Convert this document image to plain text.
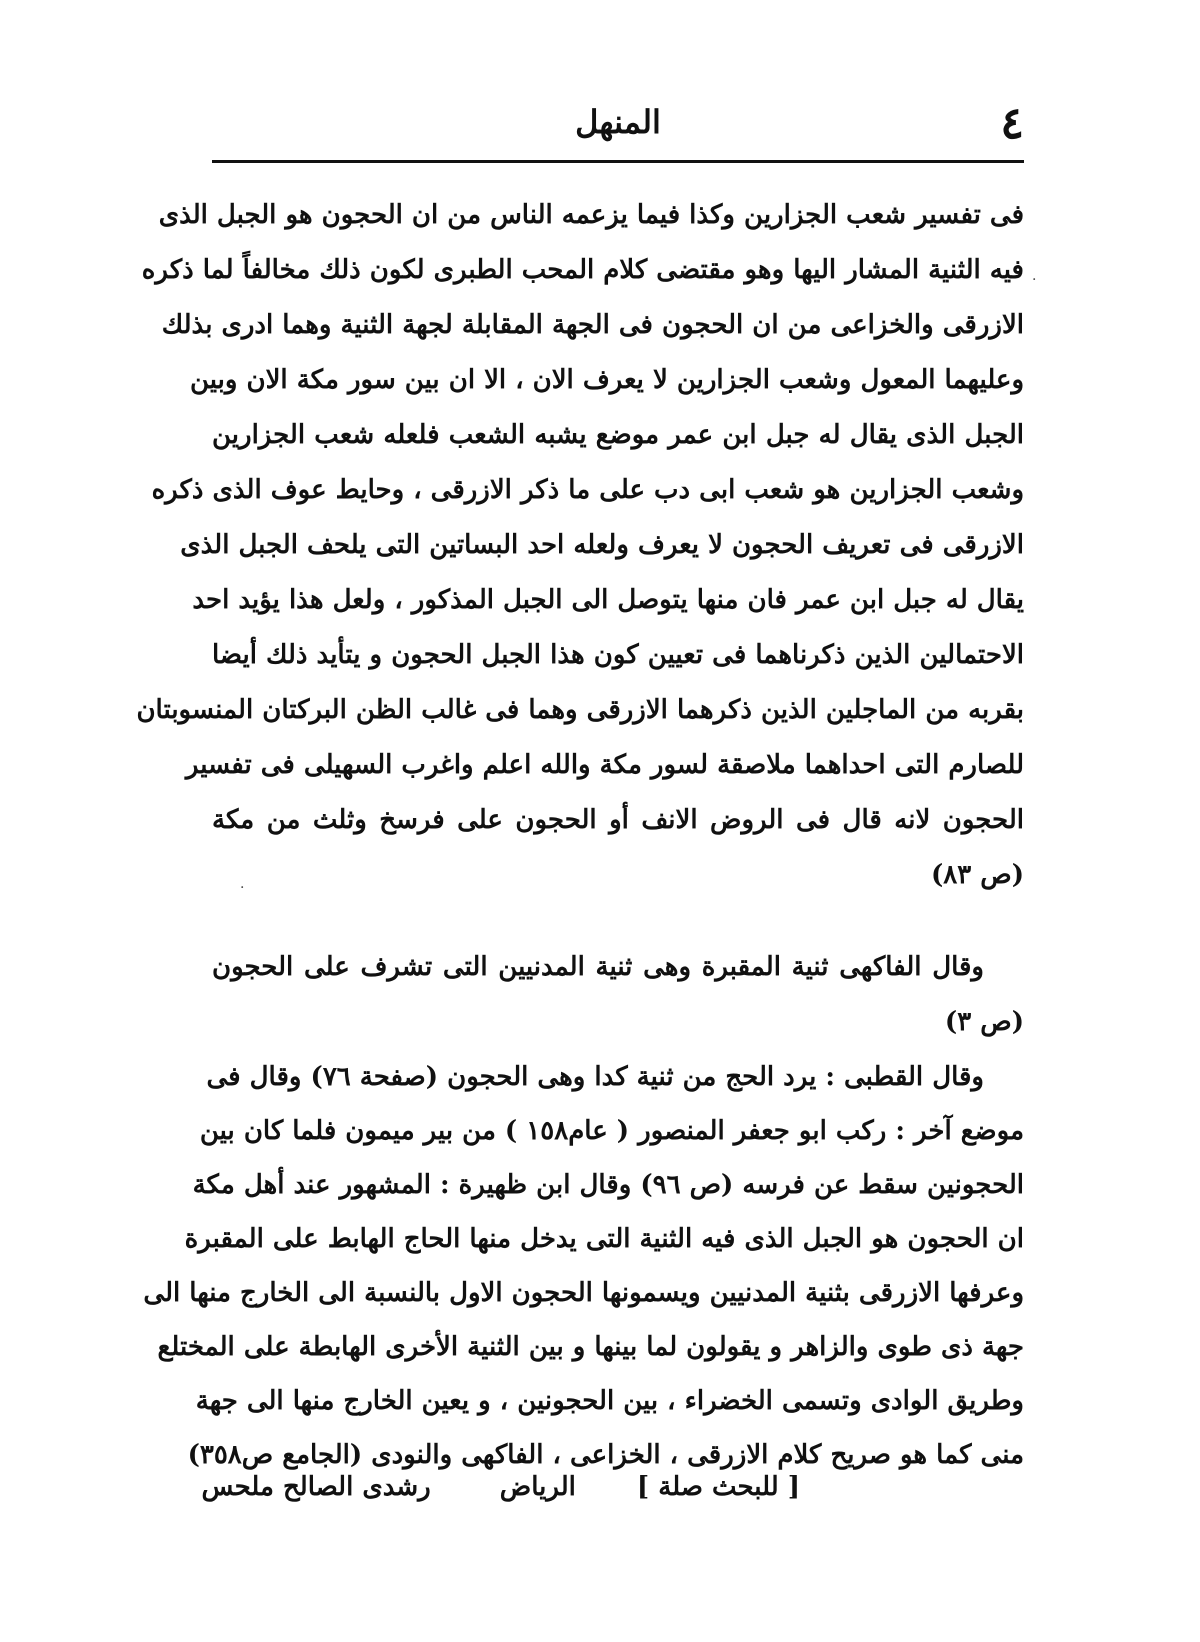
٤
المنهل
فى تفسير شعب الجزارين وكذا فيما يزعمه الناس من ان الحجون هو الجبل الذى
فيه الثنية المشار اليها وهو مقتضى كلام المحب الطبرى لكون ذلك مخالفاً لما ذكره
الازرقى والخزاعى من ان الحجون فى الجهة المقابلة لجهة الثنية وهما ادرى بذلك
وعليهما المعول وشعب الجزارين لا يعرف الان ، الا ان بين سور مكة الان وبين
الجبل الذى يقال له جبل ابن عمر موضع يشبه الشعب فلعله شعب الجزارين
وشعب الجزارين هو شعب ابى دب على ما ذكر الازرقى ، وحايط عوف الذى ذكره
الازرقى فى تعريف الحجون لا يعرف ولعله احد البساتين التى يلحف الجبل الذى
يقال له جبل ابن عمر فان منها يتوصل الى الجبل المذكور ، ولعل هذا يؤيد احد
الاحتمالين الذين ذكرناهما فى تعيين كون هذا الجبل الحجون و يتأيد ذلك أيضا
بقربه من الماجلين الذين ذكرهما الازرقى وهما فى غالب الظن البركتان المنسوبتان
للصارم التى احداهما ملاصقة لسور مكة والله اعلم واغرب السهيلى فى تفسير
الحجون لانه قال فى الروض الانف أو الحجون على فرسخ وثلث من مكة
(ص ٨٣)
وقال الفاكهى ثنية المقبرة وهى ثنية المدنيين التى تشرف على الحجون
(ص ٣)
وقال القطبى : يرد الحج من ثنية كدا وهى الحجون (صفحة ٧٦) وقال فى
موضع آخر : ركب ابو جعفر المنصور ( عام١٥٨ ) من بير ميمون فلما كان بين
الحجونين سقط عن فرسه (ص ٩٦) وقال ابن ظهيرة : المشهور عند أهل مكة
ان الحجون هو الجبل الذى فيه الثنية التى يدخل منها الحاج الهابط على المقبرة
وعرفها الازرقى بثنية المدنيين ويسمونها الحجون الاول بالنسبة الى الخارج منها الى
جهة ذى طوى والزاهر و يقولون لما بينها و بين الثنية الأخرى الهابطة على المختلع
وطريق الوادى وتسمى الخضراء ، بين الحجونين ، و يعين الخارج منها الى جهة
منى كما هو صريح كلام الازرقى ، الخزاعى ، الفاكهى والنودى (الجامع ص٣٥٨)
[ للبحث صلة ] الرياض رشدى الصالح ملحس
·
·
